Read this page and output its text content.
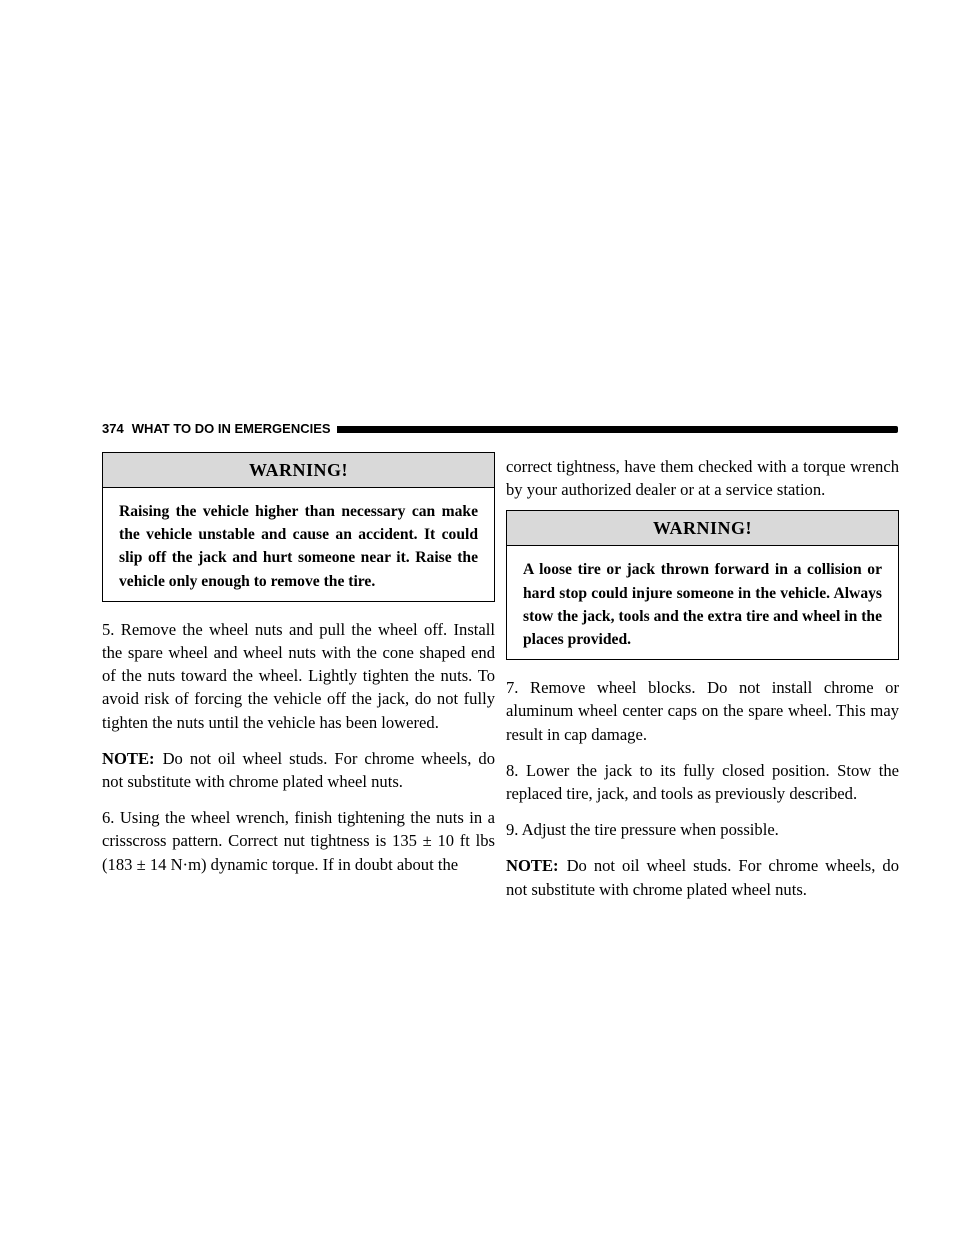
374 WHAT TO DO IN EMERGENCIES
WARNING!
Raising the vehicle higher than necessary can make the vehicle unstable and cause an accident. It could slip off the jack and hurt someone near it. Raise the vehicle only enough to remove the tire.

5. Remove the wheel nuts and pull the wheel off. Install the spare wheel and wheel nuts with the cone shaped end of the nuts toward the wheel. Lightly tighten the nuts. To avoid risk of forcing the vehicle off the jack, do not fully tighten the nuts until the vehicle has been lowered.

NOTE: Do not oil wheel studs. For chrome wheels, do not substitute with chrome plated wheel nuts.

6. Using the wheel wrench, finish tightening the nuts in a crisscross pattern. Correct nut tightness is 135 ± 10 ft lbs (183 ± 14 N·m) dynamic torque. If in doubt about the

correct tightness, have them checked with a torque wrench by your authorized dealer or at a service station.

WARNING!
A loose tire or jack thrown forward in a collision or hard stop could injure someone in the vehicle. Always stow the jack, tools and the extra tire and wheel in the places provided.

7. Remove wheel blocks. Do not install chrome or aluminum wheel center caps on the spare wheel. This may result in cap damage.

8. Lower the jack to its fully closed position. Stow the replaced tire, jack, and tools as previously described.

9. Adjust the tire pressure when possible.

NOTE: Do not oil wheel studs. For chrome wheels, do not substitute with chrome plated wheel nuts.
